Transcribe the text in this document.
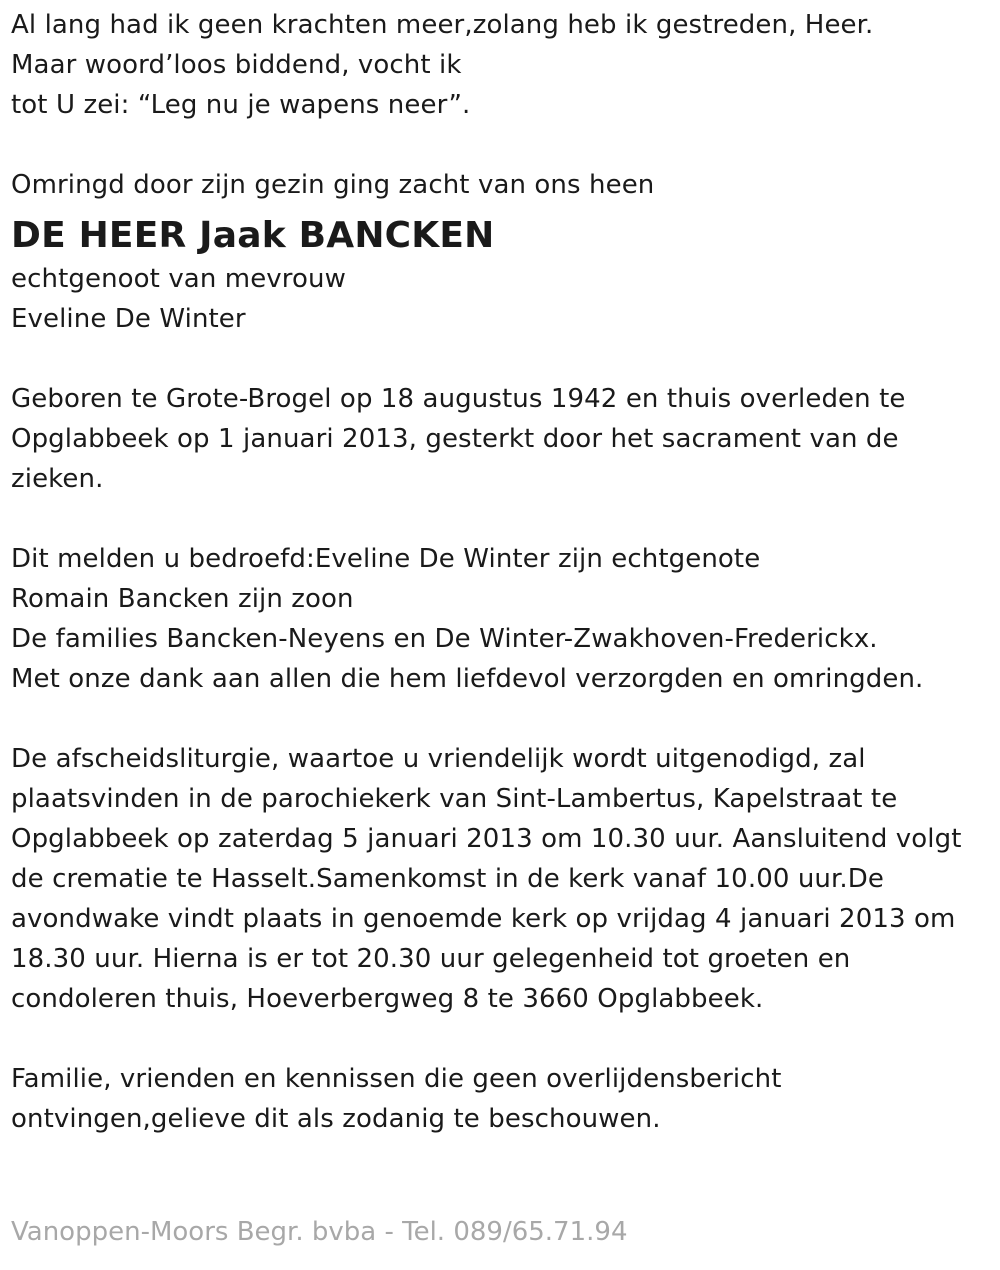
Al lang had ik geen krachten meer,zolang heb ik gestreden, Heer.
Maar woord’loos biddend, vocht ik
tot U zei: “Leg nu je wapens neer”.
Omringd door zijn gezin ging zacht van ons heen
DE HEER Jaak BANCKEN
echtgenoot van mevrouw
Eveline De Winter
Geboren te Grote-Brogel op 18 augustus 1942 en thuis overleden te
Opglabbeek op 1 januari 2013, gesterkt door het sacrament van de
zieken.
Dit melden u bedroefd:Eveline De Winter zijn echtgenote
Romain Bancken zijn zoon
De families Bancken-Neyens en De Winter-Zwakhoven-Frederickx.
Met onze dank aan allen die hem liefdevol verzorgden en omringden.
De afscheidsliturgie, waartoe u vriendelijk wordt uitgenodigd, zal
plaatsvinden in de parochiekerk van Sint-Lambertus, Kapelstraat te
Opglabbeek op zaterdag 5 januari 2013 om 10.30 uur. Aansluitend volgt
de crematie te Hasselt.Samenkomst in de kerk vanaf 10.00 uur.De
avondwake vindt plaats in genoemde kerk op vrijdag 4 januari 2013 om
18.30 uur. Hierna is er tot 20.30 uur gelegenheid tot groeten en
condoleren thuis, Hoeverbergweg 8 te 3660 Opglabbeek.
Familie, vrienden en kennissen die geen overlijdensbericht
ontvingen,gelieve dit als zodanig te beschouwen.
Vanoppen-Moors Begr. bvba - Tel. 089/65.71.94
